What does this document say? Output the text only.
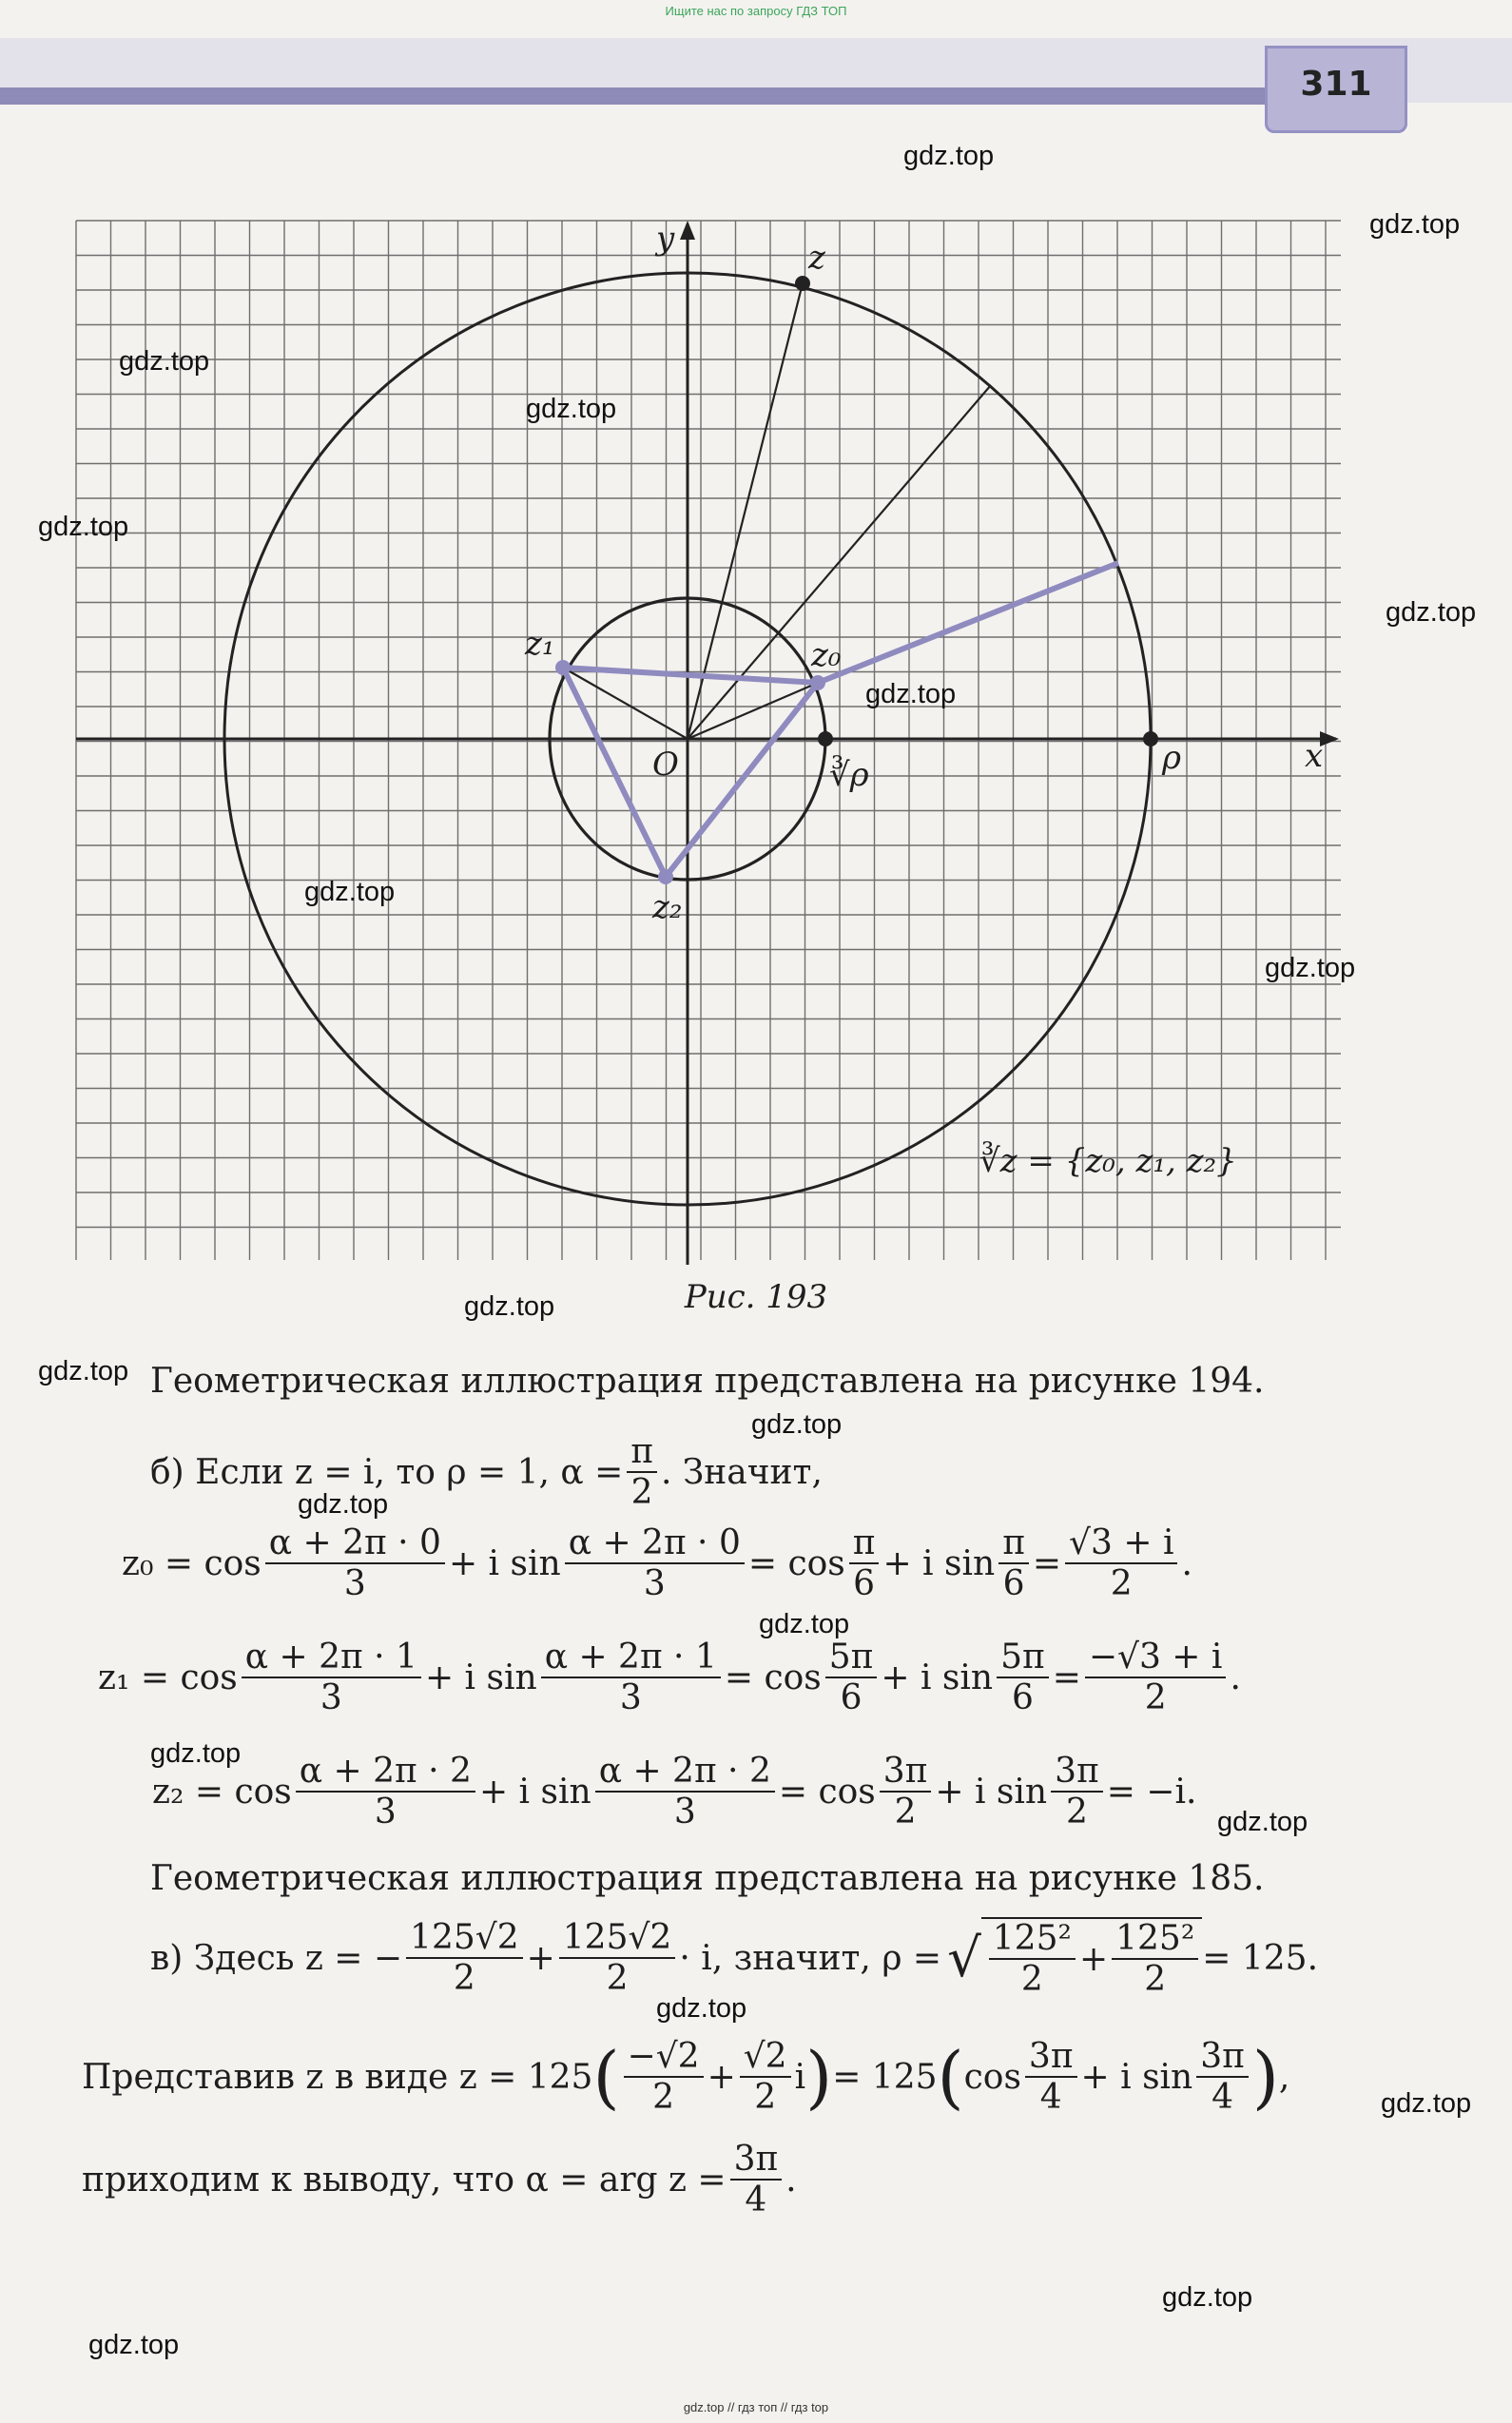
Ищите нас по запросу ГДЗ ТОП
311
y
x
z
z₀
z₁
z₂
O	ρ
∛ρ
∛z = {z₀, z₁, z₂}
Рис. 193
Геометрическая иллюстрация представлена на рисунке 194.
б) Если z = i, то ρ = 1, $\alpha = \frac{\pi}{2}$ . Значит,
$z_0 = \cos \frac{\alpha + 2\pi \cdot 0}{3} + i$ $\sin \frac{\alpha + 2\pi \cdot 0}{3} = \cos \frac{\pi}{6} + i$ $\sin \frac{\pi}{6} = \frac{√3 + i}{2}$ .
$z_1 = \cos \frac{\alpha + 2\pi \cdot 1}{3} + i$ $\sin \frac{\alpha + 2\pi \cdot 1}{3} = \cos \frac{5\pi}{6} + i$ $\sin \frac{5\pi}{6} = \frac{-√3 + i}{2}$ .
$z_2 = \cos \frac{\alpha + 2\pi \cdot 2}{3} + i$ $\sin \frac{\alpha + 2\pi \cdot 2}{3} = \cos \frac{3\pi}{2} + i$ $\sin \frac{3\pi}{2} = -i$.
Геометрическая иллюстрация представлена на рисунке 185.
в) Здесь z = − $\frac{125√2}{2} + \frac{125√2}{2} \cdot i$, значит, ρ = √ $\frac{\text{125²}}{2} + \frac{\text{125²}}{2} = 125$.
Представив z в виде z = 125 ( $\frac{-√2}{2} + \frac{√2}{2}$ i ) = 125 ( $\cos \frac{3\pi}{4} + i$ $\sin \frac{3\pi}{4}$ ) ,
приходим к выводу, что α = arg $z = \frac{3\pi}{4}$ .
gdz.top
gdz.top
gdz.top
gdz.top
gdz.top
gdz.top
gdz.top
gdz.top
gdz.top
gdz.top
gdz.top
gdz.top
gdz.top
gdz.top
gdz.top
gdz.top
gdz.top
gdz.top
gdz.top
gdz.top
gdz.top // гдз топ // гдз top
